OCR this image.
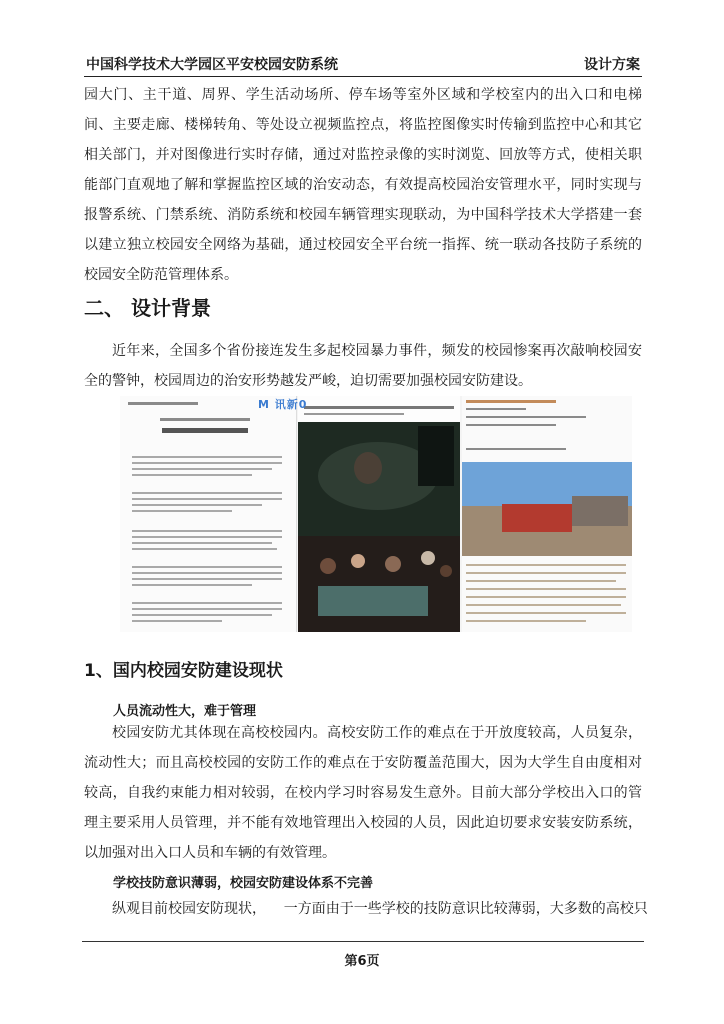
中国科学技术大学园区平安校园安防系统	设计方案

园大门、主干道、周界、学生活动场所、停车场等室外区域和学校室内的出入口和电梯间、主要走廊、楼梯转角、等处设立视频监控点，将监控图像实时传输到监控中心和其它相关部门，并对图像进行实时存储，通过对监控录像的实时浏览、回放等方式，使相关职能部门直观地了解和掌握监控区域的治安动态，有效提高校园治安管理水平，同时实现与报警系统、门禁系统、消防系统和校园车辆管理实现联动，为中国科学技术大学搭建一套以建立独立校园安全网络为基础，通过校园安全平台统一指挥、统一联动各技防子系统的校园安全防范管理体系。

二、 设计背景

近年来，全国多个省份接连发生多起校园暴力事件，频发的校园惨案再次敲响校园安全的警钟，校园周边的治安形势越发严峻，迫切需要加强校园安防建设。

M 讯新0
1、国内校园安防建设现状
人员流动性大，难于管理

校园安防尤其体现在高校校园内。高校安防工作的难点在于开放度较高，人员复杂，流动性大；而且高校校园的安防工作的难点在于安防覆盖范围大，因为大学生自由度相对较高，自我约束能力相对较弱，在校内学习时容易发生意外。目前大部分学校出入口的管理主要采用人员管理，并不能有效地管理出入校园的人员，因此迫切要求安装安防系统，以加强对出入口人员和车辆的有效管理。

学校技防意识薄弱，校园安防建设体系不完善

纵观目前校园安防现状，    一方面由于一些学校的技防意识比较薄弱，大多数的高校只

第6页
